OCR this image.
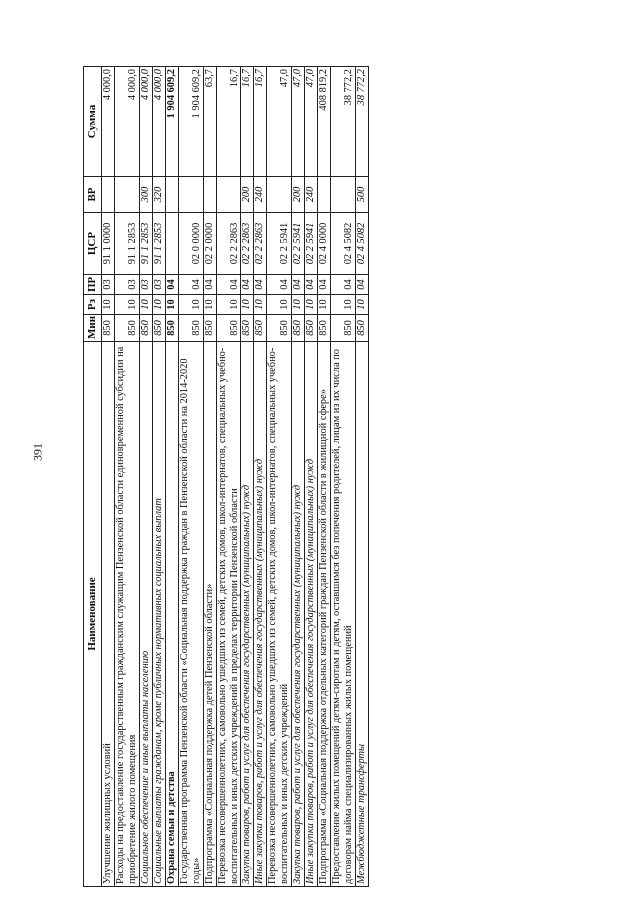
391
Наименование	Мин	Рз	ПР	ЦСР	ВР	Сумма
Улучшение жилищных условий	850	10	03	91 1 0000		4 000,0
Расходы на предоставление государственным гражданским служащим Пензенской области единовременной субсидии на приобретение жилого помещения	850	10	03	91 1 2853		4 000,0
Социальное обеспечение и иные выплаты населению	850	10	03	91 1 2853	300	4 000,0
Социальные выплаты гражданам, кроме публичных нормативных социальных выплат	850	10	03	91 1 2853	320	4 000,0
Охрана семьи и детства	850	10	04			1 904 609,2
Государственная программа Пензенской области «Социальная поддержка граждан в Пензенской области на 2014-2020 годы»	850	10	04	02 0 0000		1 904 609,2
Подпрограмма «Социальная поддержка детей Пензенской области»	850	10	04	02 2 0000		63,7
Перевозка несовершеннолетних, самовольно ушедших из семей, детских домов, школ-интернатов, специальных учебно-воспитательных и иных детских учреждений в пределах территории Пензенской области	850	10	04	02 2 2863		16,7
Закупка товаров, работ и услуг для обеспечения государственных (муниципальных) нужд	850	10	04	02 2 2863	200	16,7
Иные закупки товаров, работ и услуг для обеспечения государственных (муниципальных) нужд	850	10	04	02 2 2863	240	16,7
Перевозка несовершеннолетних, самовольно ушедших из семей, детских домов, школ-интернатов, специальных учебно-воспитательных и иных детских учреждений	850	10	04	02 2 5941		47,0
Закупка товаров, работ и услуг для обеспечения государственных (муниципальных) нужд	850	10	04	02 2 5941	200	47,0
Иные закупки товаров, работ и услуг для обеспечения государственных (муниципальных) нужд	850	10	04	02 2 5941	240	47,0
Подпрограмма «Социальная поддержка отдельных категорий граждан Пензенской области в жилищной сфере»	850	10	04	02 4 0000		408 819,2
Предоставление жилых помещений детям-сиротам и детям, оставшимся без попечения родителей, лицам из их числа по договорам найма специализированных жилых помещений	850	10	04	02 4 5082		38 772,2
Межбюджетные трансферты	850	10	04	02 4 5082	500	38 772,2
